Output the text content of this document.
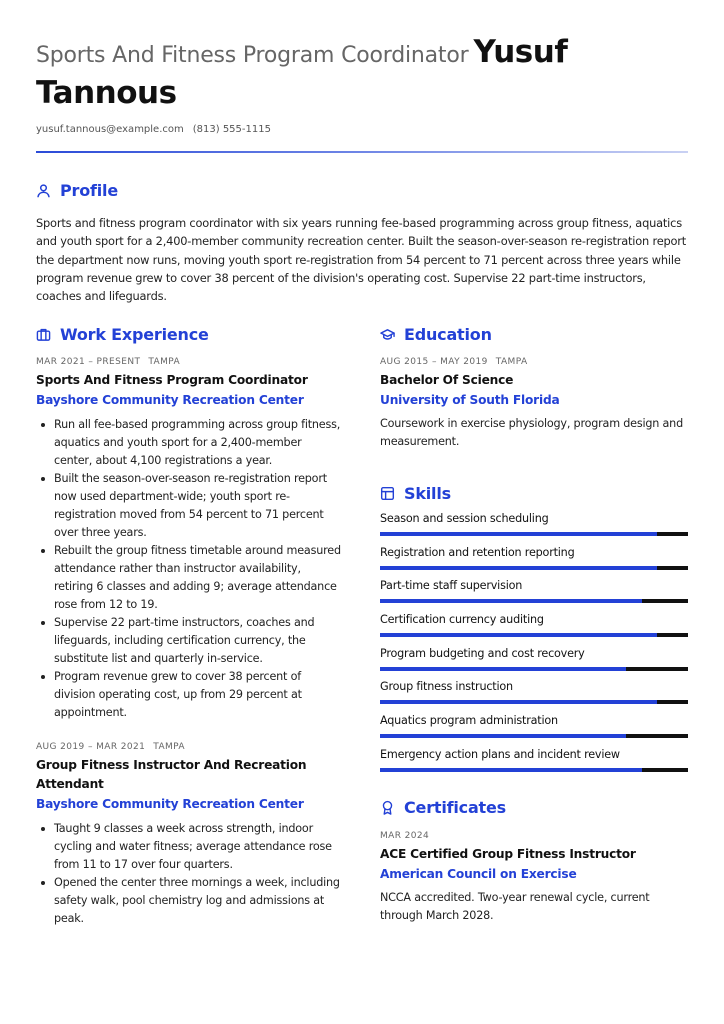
Sports And Fitness Program Coordinator Yusuf
Tannous
yusuf.tannous@example.com (813) 555-1115
Profile
Sports and fitness program coordinator with six years running fee-based programming across group fitness, aquatics and youth sport for a 2,400-member community recreation center. Built the season-over-season re-registration report the department now runs, moving youth sport re-registration from 54 percent to 71 percent across three years while program revenue grew to cover 38 percent of the division's operating cost. Supervise 22 part-time instructors, coaches and lifeguards.
Work Experience
MAR 2021 – PRESENT TAMPA
Sports And Fitness Program Coordinator
Bayshore Community Recreation Center
Run all fee-based programming across group fitness, aquatics and youth sport for a 2,400-member center, about 4,100 registrations a year.
Built the season-over-season re-registration report now used department-wide; youth sport re-registration moved from 54 percent to 71 percent over three years.
Rebuilt the group fitness timetable around measured attendance rather than instructor availability, retiring 6 classes and adding 9; average attendance rose from 12 to 19.
Supervise 22 part-time instructors, coaches and lifeguards, including certification currency, the substitute list and quarterly in-service.
Program revenue grew to cover 38 percent of division operating cost, up from 29 percent at appointment.
AUG 2019 – MAR 2021 TAMPA
Group Fitness Instructor And Recreation Attendant
Bayshore Community Recreation Center
Taught 9 classes a week across strength, indoor cycling and water fitness; average attendance rose from 11 to 17 over four quarters.
Opened the center three mornings a week, including safety walk, pool chemistry log and admissions at peak.
Education
AUG 2015 – MAY 2019 TAMPA
Bachelor Of Science
University of South Florida
Coursework in exercise physiology, program design and measurement.
Skills
Season and session scheduling
Registration and retention reporting
Part-time staff supervision
Certification currency auditing
Program budgeting and cost recovery
Group fitness instruction
Aquatics program administration
Emergency action plans and incident review
Certificates
MAR 2024
ACE Certified Group Fitness Instructor
American Council on Exercise
NCCA accredited. Two-year renewal cycle, current through March 2028.
